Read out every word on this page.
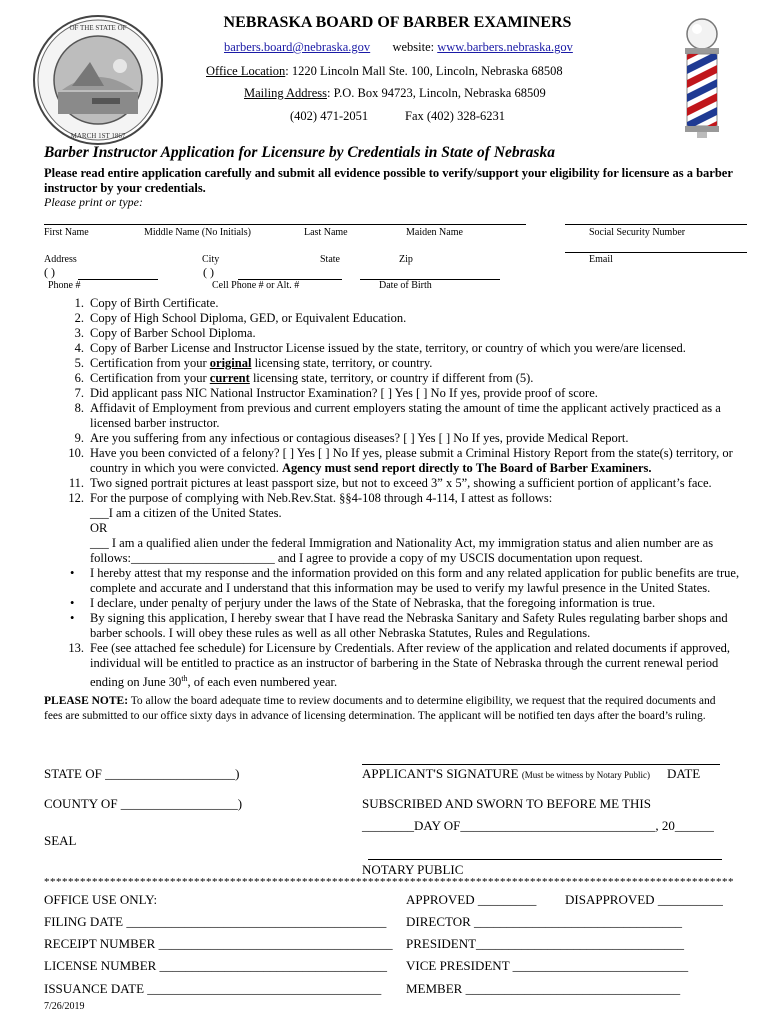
MARCH 1ST 1867
OF THE STATE OF	NEBRASKA BOARD OF BARBER EXAMINERS
barbers.board@nebraska.gov website: www.barbers.nebraska.gov
Office Location: 1220 Lincoln Mall Ste. 100, Lincoln, Nebraska 68508
Mailing Address: P.O. Box 94723, Lincoln, Nebraska 68509
(402) 471-2051	Fax (402) 328-6231
Barber Instructor Application for Licensure by Credentials in State of Nebraska
Please read entire application carefully and submit all evidence possible to verify/support your eligibility for licensure as a barber instructor by your credentials.
Please print or type:
First Name	Middle Name (No Initials)	Last Name	Maiden Name	Social Security Number
Address	City	State	Zip	Email
( )	( )
Phone #	Cell Phone # or Alt. #	Date of Birth
1. Copy of Birth Certificate.
2. Copy of High School Diploma, GED, or Equivalent Education.
3. Copy of Barber School Diploma.
4. Copy of Barber License and Instructor License issued by the state, territory, or country of which you were/are licensed.
5. Certification from your original licensing state, territory, or country.
6. Certification from your current licensing state, territory, or country if different from (5).
7. Did applicant pass NIC National Instructor Examination? [ ] Yes [ ] No If yes, provide proof of score.
8. Affidavit of Employment from previous and current employers stating the amount of time the applicant actively practiced as a licensed barber instructor.
9. Are you suffering from any infectious or contagious diseases? [ ] Yes [ ] No If yes, provide Medical Report.
10. Have you been convicted of a felony? [ ] Yes [ ] No If yes, please submit a Criminal History Report from the state(s) territory, or country in which you were convicted. Agency must send report directly to The Board of Barber Examiners.
11. Two signed portrait pictures at least passport size, but not to exceed 3” x 5”, showing a sufficient portion of applicant’s face.
12. For the purpose of complying with Neb.Rev.Stat. §§4-108 through 4-114, I attest as follows:
___I am a citizen of the United States.
OR
___ I am a qualified alien under the federal Immigration and Nationality Act, my immigration status and alien number are as follows:_______________________ and I agree to provide a copy of my USCIS documentation upon request.
• I hereby attest that my response and the information provided on this form and any related application for public benefits are true, complete and accurate and I understand that this information may be used to verify my lawful presence in the United States.
• I declare, under penalty of perjury under the laws of the State of Nebraska, that the foregoing information is true.
• By signing this application, I hereby swear that I have read the Nebraska Sanitary and Safety Rules regulating barber shops and barber schools. I will obey these rules as well as all other Nebraska Statutes, Rules and Regulations.
13. Fee (see attached fee schedule) for Licensure by Credentials. After review of the application and related documents if approved, individual will be entitled to practice as an instructor of barbering in the State of Nebraska through the current renewal period ending on June 30th, of each even numbered year.
PLEASE NOTE: To allow the board adequate time to review documents and to determine eligibility, we request that the required documents and fees are submitted to our office sixty days in advance of licensing determination. The applicant will be notified ten days after the board’s ruling.
STATE OF ____________________)	APPLICANT'S SIGNATURE (Must be witness by Notary Public) DATE
COUNTY OF __________________)	SUBSCRIBED AND SWORN TO BEFORE ME THIS
________DAY OF______________________________, 20______
SEAL
NOTARY PUBLIC
*******************************************************************************************************************
OFFICE USE ONLY:	APPROVED _________ DISAPPROVED __________
FILING DATE ________________________________________ DIRECTOR ________________________________
RECEIPT NUMBER ____________________________________ PRESIDENT________________________________
LICENSE NUMBER ___________________________________ VICE PRESIDENT ___________________________
ISSUANCE DATE ____________________________________ MEMBER _________________________________
7/26/2019
